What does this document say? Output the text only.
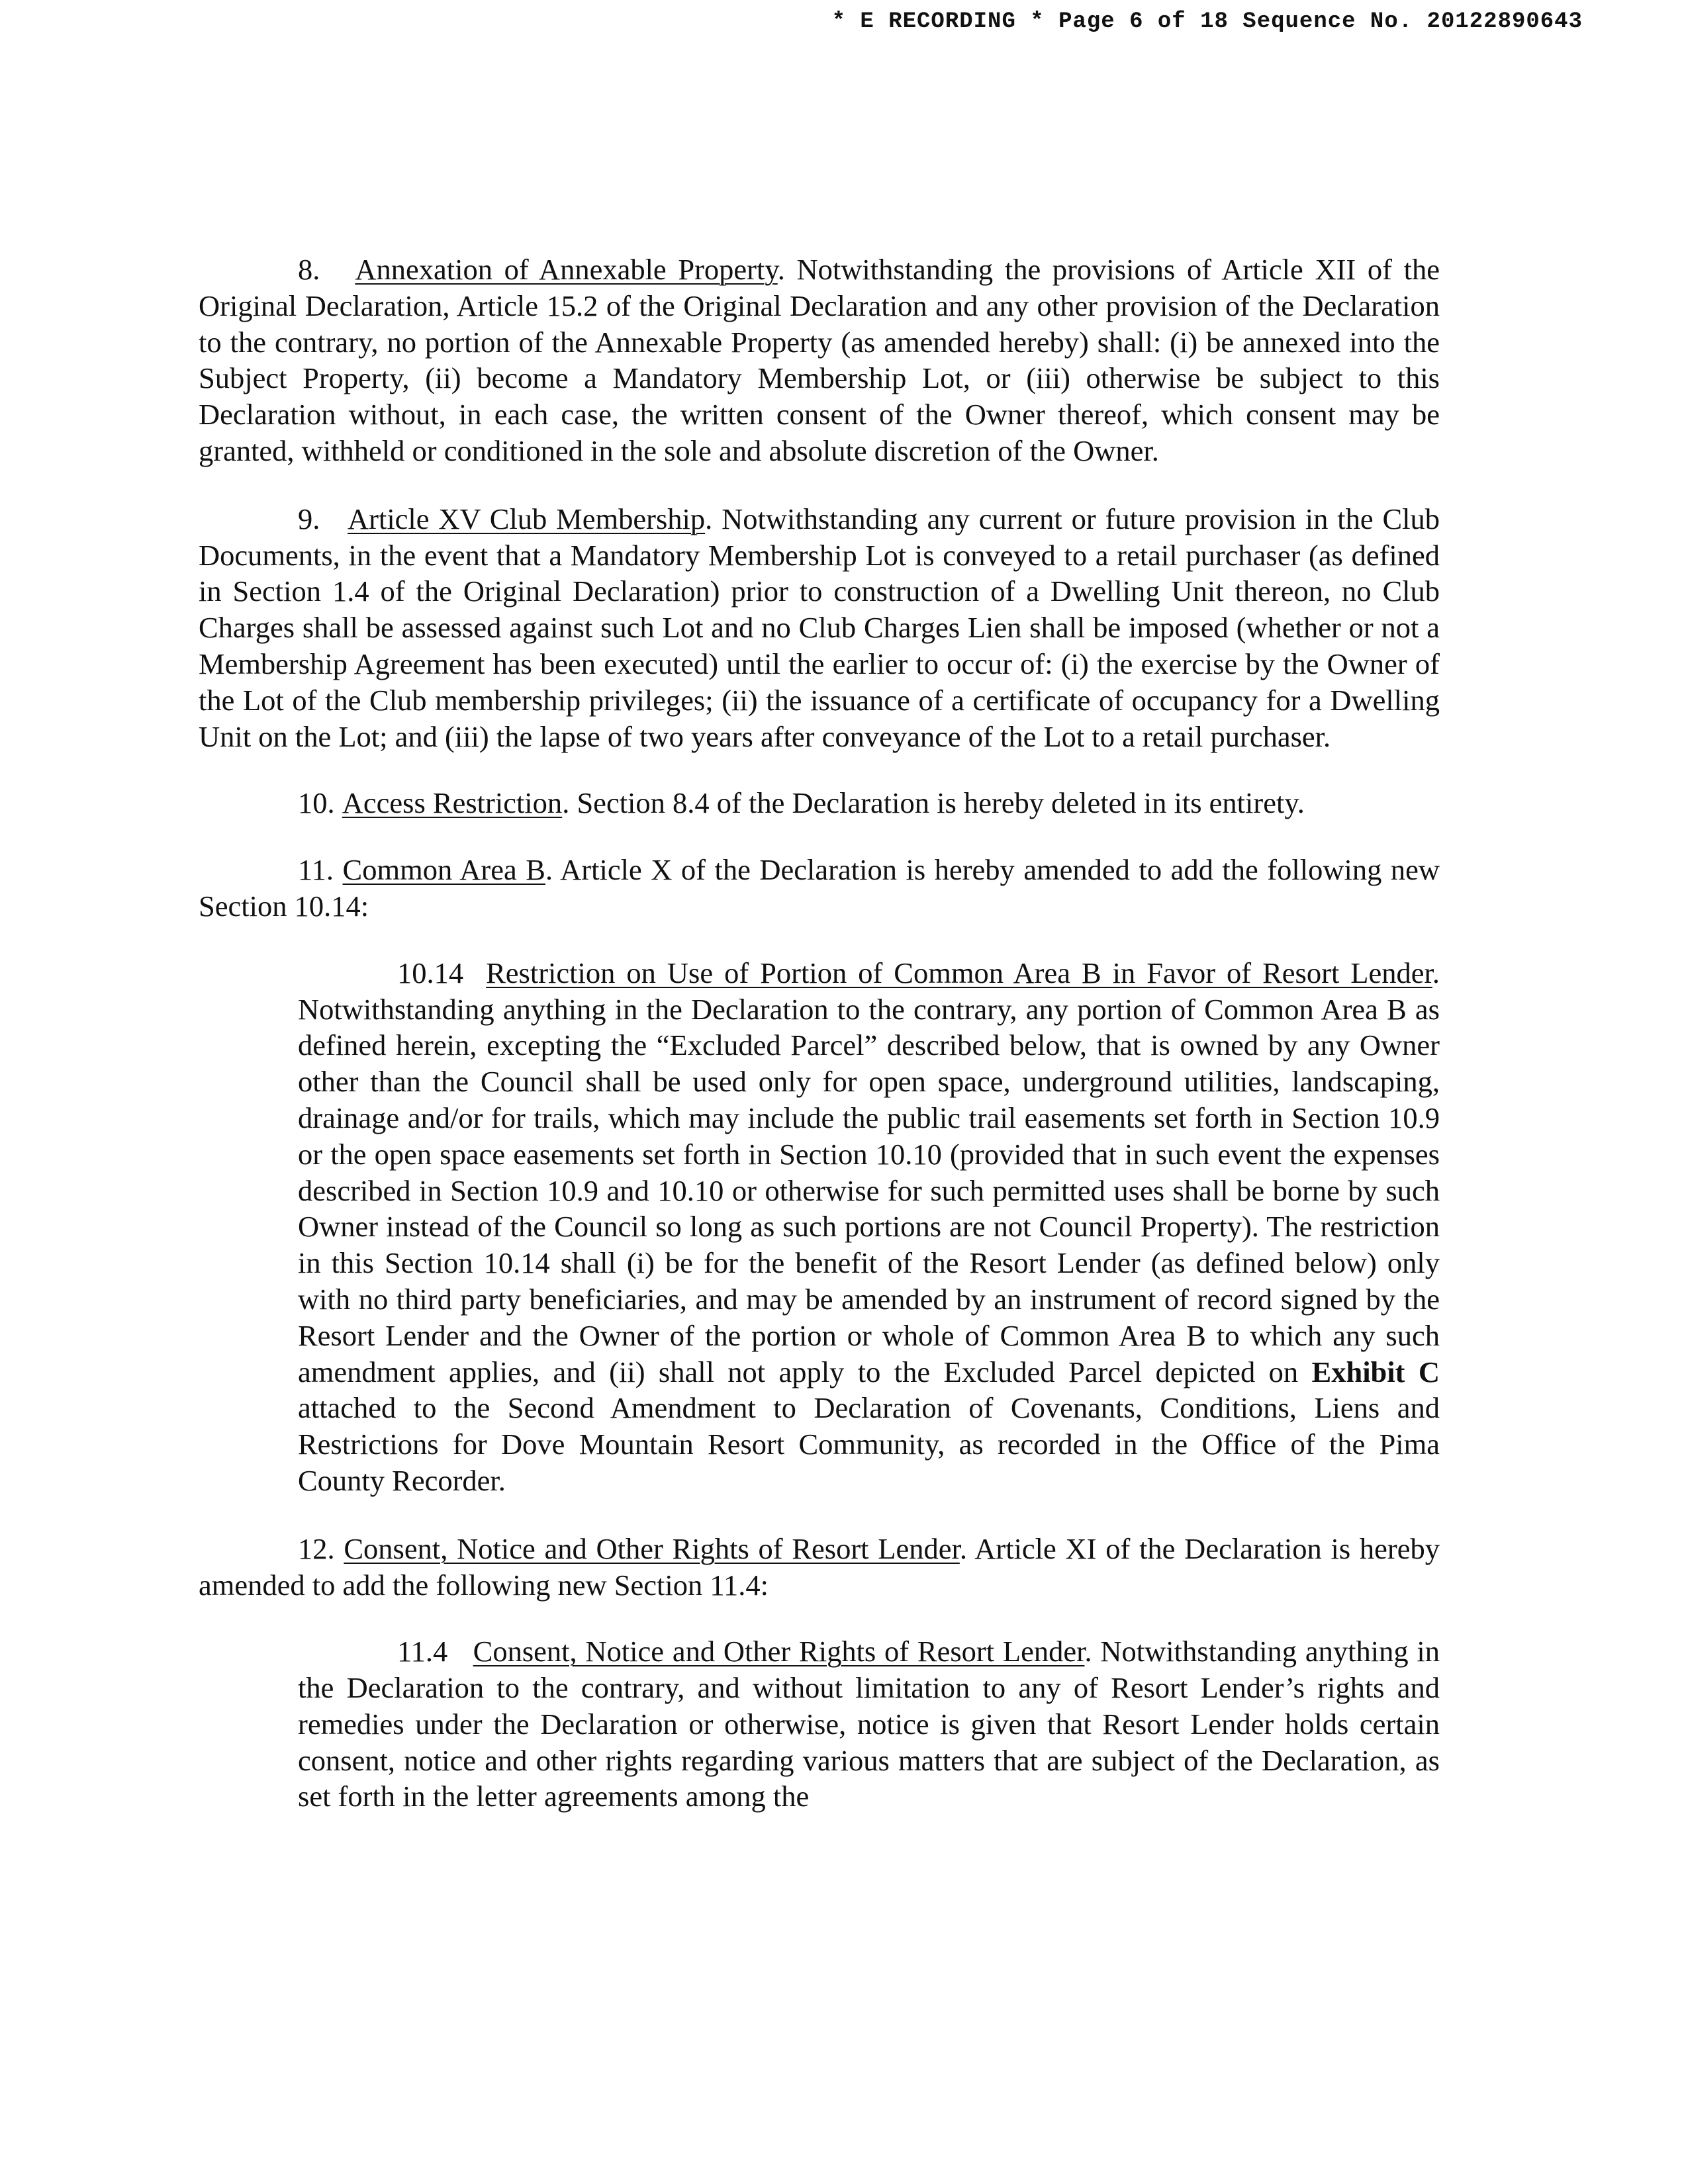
* E RECORDING * Page 6 of 18 Sequence No. 20122890643

8. Annexation of Annexable Property. Notwithstanding the provisions of Article XII of the Original Declaration, Article 15.2 of the Original Declaration and any other provision of the Declaration to the contrary, no portion of the Annexable Property (as amended hereby) shall: (i) be annexed into the Subject Property, (ii) become a Mandatory Membership Lot, or (iii) otherwise be subject to this Declaration without, in each case, the written consent of the Owner thereof, which consent may be granted, withheld or conditioned in the sole and absolute discretion of the Owner.

9. Article XV Club Membership. Notwithstanding any current or future provision in the Club Documents, in the event that a Mandatory Membership Lot is conveyed to a retail purchaser (as defined in Section 1.4 of the Original Declaration) prior to construction of a Dwelling Unit thereon, no Club Charges shall be assessed against such Lot and no Club Charges Lien shall be imposed (whether or not a Membership Agreement has been executed) until the earlier to occur of: (i) the exercise by the Owner of the Lot of the Club membership privileges; (ii) the issuance of a certificate of occupancy for a Dwelling Unit on the Lot; and (iii) the lapse of two years after conveyance of the Lot to a retail purchaser.

10. Access Restriction. Section 8.4 of the Declaration is hereby deleted in its entirety.

11. Common Area B. Article X of the Declaration is hereby amended to add the following new Section 10.14:

10.14 Restriction on Use of Portion of Common Area B in Favor of Resort Lender. Notwithstanding anything in the Declaration to the contrary, any portion of Common Area B as defined herein, excepting the “Excluded Parcel” described below, that is owned by any Owner other than the Council shall be used only for open space, underground utilities, landscaping, drainage and/or for trails, which may include the public trail easements set forth in Section 10.9 or the open space easements set forth in Section 10.10 (provided that in such event the expenses described in Section 10.9 and 10.10 or otherwise for such permitted uses shall be borne by such Owner instead of the Council so long as such portions are not Council Property). The restriction in this Section 10.14 shall (i) be for the benefit of the Resort Lender (as defined below) only with no third party beneficiaries, and may be amended by an instrument of record signed by the Resort Lender and the Owner of the portion or whole of Common Area B to which any such amendment applies, and (ii) shall not apply to the Excluded Parcel depicted on Exhibit C attached to the Second Amendment to Declaration of Covenants, Conditions, Liens and Restrictions for Dove Mountain Resort Community, as recorded in the Office of the Pima County Recorder.

12. Consent, Notice and Other Rights of Resort Lender. Article XI of the Declaration is hereby amended to add the following new Section 11.4:

11.4 Consent, Notice and Other Rights of Resort Lender. Notwithstanding anything in the Declaration to the contrary, and without limitation to any of Resort Lender’s rights and remedies under the Declaration or otherwise, notice is given that Resort Lender holds certain consent, notice and other rights regarding various matters that are subject of the Declaration, as set forth in the letter agreements among the
